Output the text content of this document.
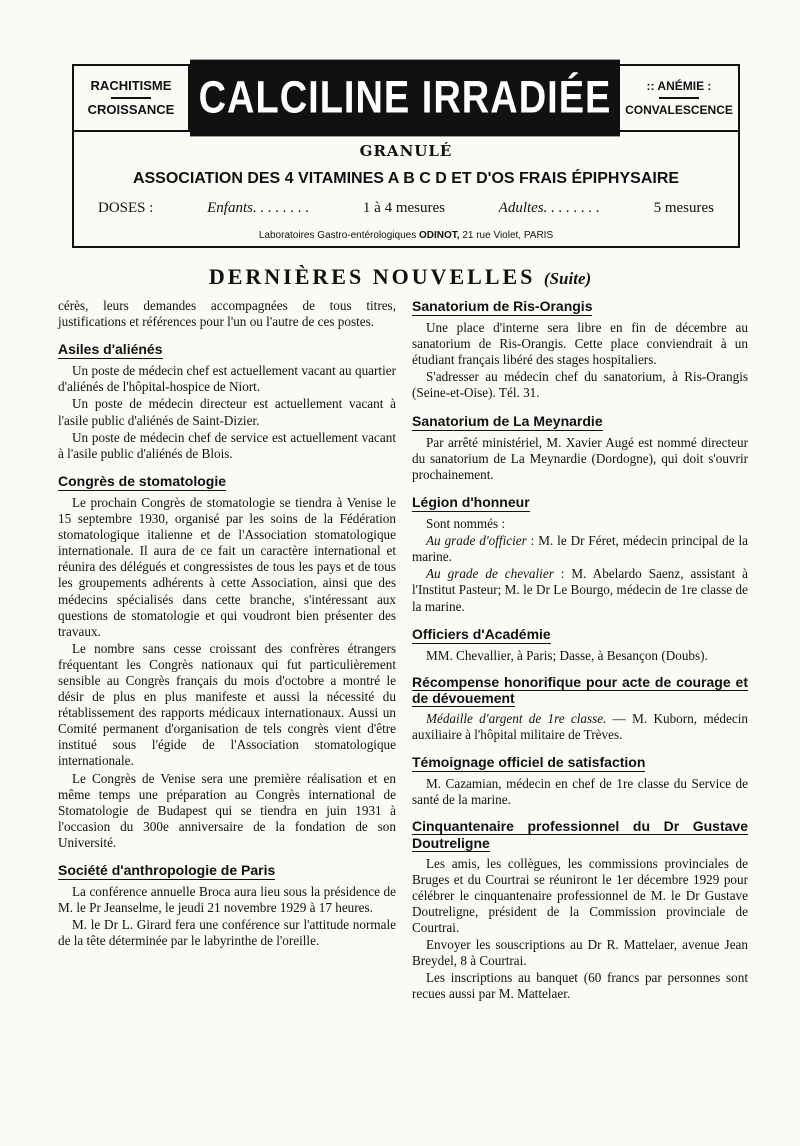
RACHITISME
CROISSANCE CALCILINE IRRADIÉE	:: ANÉMIE :
CONVALESCENCE
GRANULÉ
ASSOCIATION DES 4 VITAMINES A B C D ET D'OS FRAIS ÉPIPHYSAIRE
DOSES :	Enfants. . . . . . . .	1 à 4 mesures	Adultes. . . . . . . .	5 mesures
Laboratoires Gastro-entérologiques ODINOT, 21 rue Violet, PARIS
DERNIÈRES NOUVELLES (Suite)

cérès, leurs demandes accompagnées de tous titres, justifications et références pour l'un ou l'autre de ces postes.

Asiles d'aliénés

Un poste de médecin chef est actuellement vacant au quartier d'aliénés de l'hôpital-hospice de Niort.

Un poste de médecin directeur est actuellement vacant à l'asile public d'aliénés de Saint-Dizier.

Un poste de médecin chef de service est actuellement vacant à l'asile public d'aliénés de Blois.

Congrès de stomatologie

Le prochain Congrès de stomatologie se tiendra à Venise le 15 septembre 1930, organisé par les soins de la Fédération stomatologique italienne et de l'Association stomatologique internationale. Il aura de ce fait un caractère international et réunira des délégués et congressistes de tous les pays et de tous les groupements adhérents à cette Association, ainsi que des médecins spécialisés dans cette branche, s'intéressant aux questions de stomatologie et qui voudront bien présenter des travaux.

Le nombre sans cesse croissant des confrères étrangers fréquentant les Congrès nationaux qui fut particulièrement sensible au Congrès français du mois d'octobre a montré le désir de plus en plus manifeste et aussi la nécessité du rétablissement des rapports médicaux internationaux. Aussi un Comité permanent d'organisation de tels congrès vient d'être institué sous l'égide de l'Association stomatologique internationale.

Le Congrès de Venise sera une première réalisation et en même temps une préparation au Congrès international de Stomatologie de Budapest qui se tiendra en juin 1931 à l'occasion du 300e anniversaire de la fondation de son Université.

Société d'anthropologie de Paris

La conférence annuelle Broca aura lieu sous la présidence de M. le Pr Jeanselme, le jeudi 21 novembre 1929 à 17 heures.

M. le Dr L. Girard fera une conférence sur l'attitude normale de la tête déterminée par le labyrinthe de l'oreille.

Sanatorium de Ris-Orangis

Une place d'interne sera libre en fin de décembre au sanatorium de Ris-Orangis. Cette place conviendrait à un étudiant français libéré des stages hospitaliers.

S'adresser au médecin chef du sanatorium, à Ris-Orangis (Seine-et-Oise). Tél. 31.

Sanatorium de La Meynardie

Par arrêté ministériel, M. Xavier Augé est nommé directeur du sanatorium de La Meynardie (Dordogne), qui doit s'ouvrir prochainement.

Légion d'honneur

Sont nommés :

Au grade d'officier : M. le Dr Féret, médecin principal de la marine.

Au grade de chevalier : M. Abelardo Saenz, assistant à l'Institut Pasteur; M. le Dr Le Bourgo, médecin de 1re classe de la marine.

Officiers d'Académie

MM. Chevallier, à Paris; Dasse, à Besançon (Doubs).

Récompense honorifique pour acte de courage et de dévouement

Médaille d'argent de 1re classe. — M. Kuborn, médecin auxiliaire à l'hôpital militaire de Trèves.

Témoignage officiel de satisfaction

M. Cazamian, médecin en chef de 1re classe du Service de santé de la marine.

Cinquantenaire professionnel du Dr Gustave Doutreligne

Les amis, les collègues, les commissions provinciales de Bruges et du Courtrai se réuniront le 1er décembre 1929 pour célébrer le cinquantenaire professionnel de M. le Dr Gustave Doutreligne, président de la Commission provinciale de Courtrai.

Envoyer les souscriptions au Dr R. Mattelaer, avenue Jean Breydel, 8 à Courtrai.

Les inscriptions au banquet (60 francs par personnes sont recues aussi par M. Mattelaer.
